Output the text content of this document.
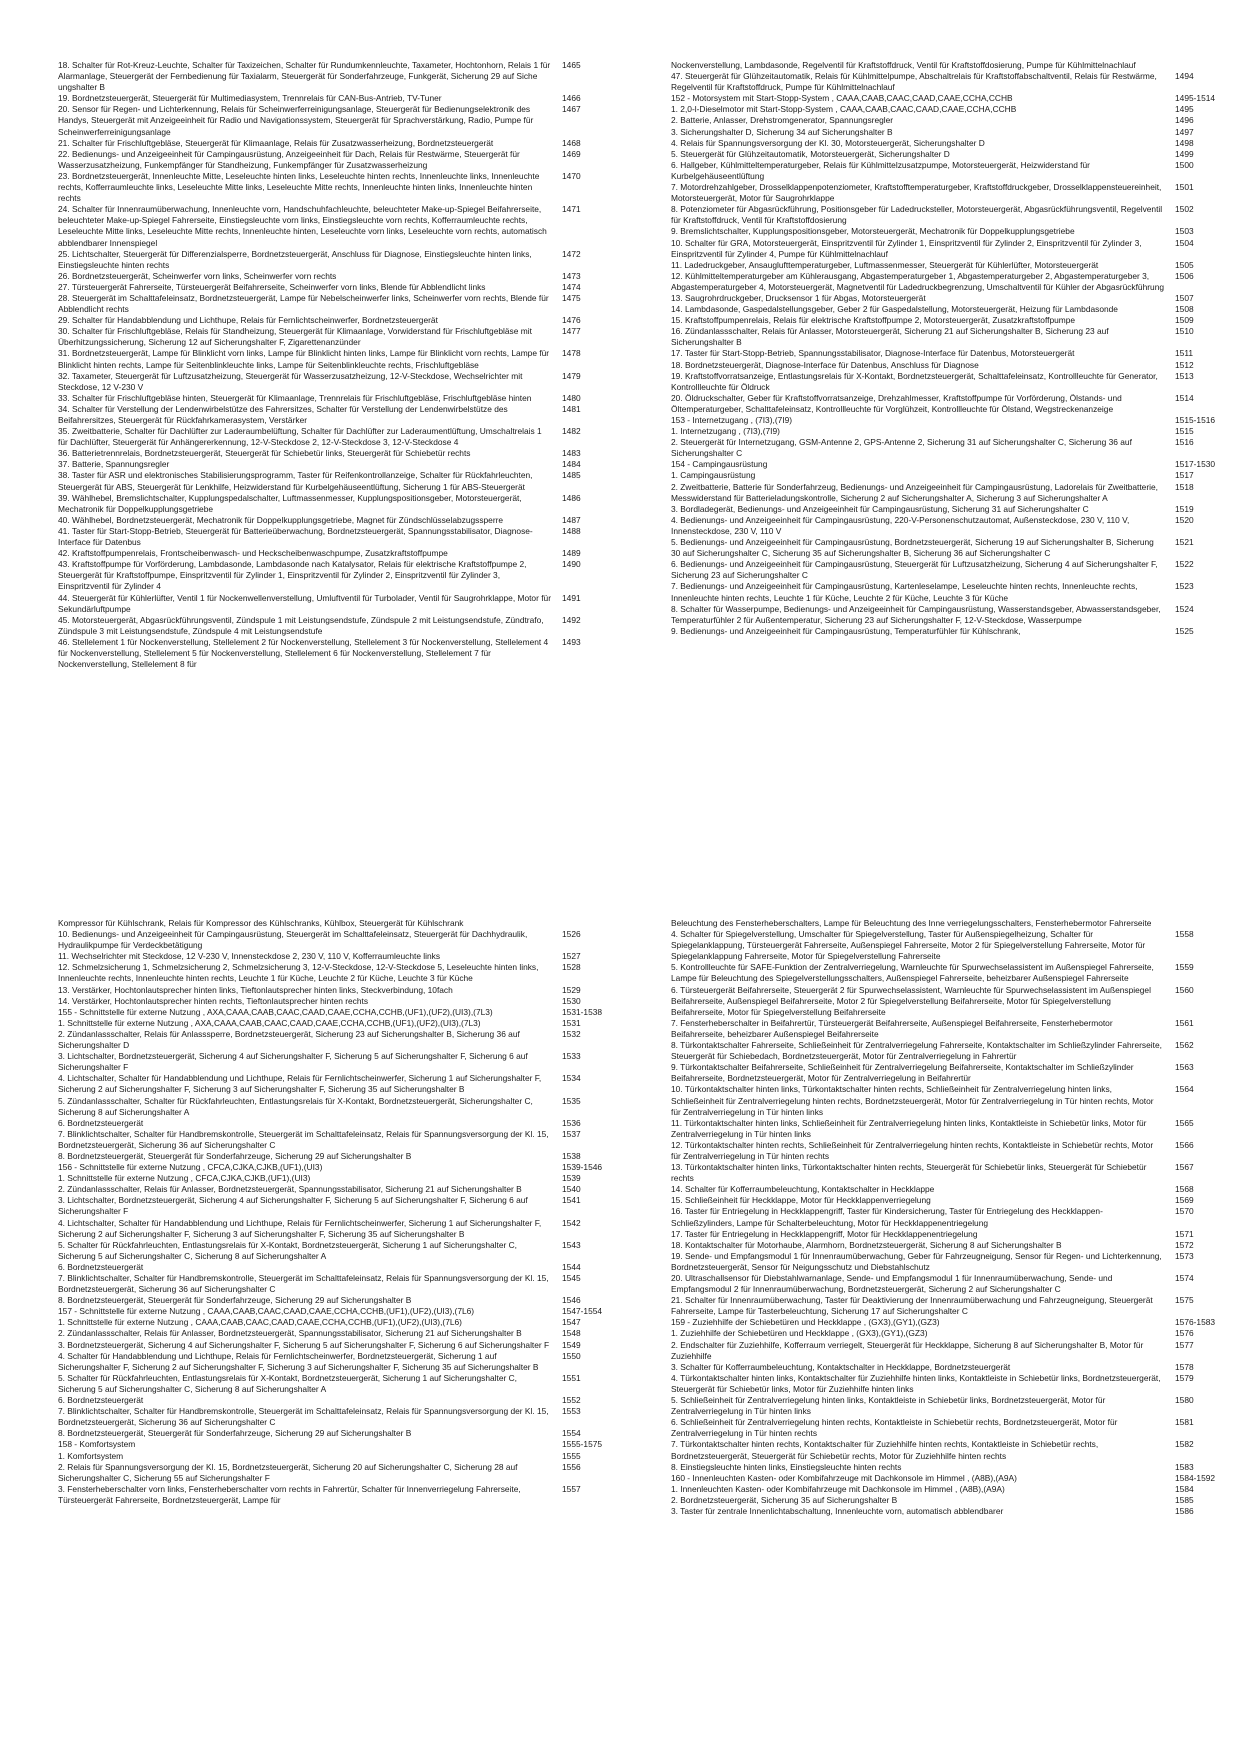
18. Schalter für Rot-Kreuz-Leuchte, Schalter für Taxizeichen, Schalter für Rundumkennleuchte, Taxameter, Hochtonhorn, Relais 1 für Alarmanlage, Steuergerät der Fernbedienung für Taxialarm, Steuergerät für Sonderfahrzeuge, Funkgerät, Sicherung 29 auf Siche ungshalter B
1465
19. Bordnetzsteuergerät, Steuergerät für Multimediasystem, Trennrelais für CAN-Bus-Antrieb, TV-Tuner	1466
20. Sensor für Regen- und Lichterkennung, Relais für Scheinwerferreinigungsanlage, Steuergerät für Bedienungselektronik des Handys, Steuergerät mit Anzeigeeinheit für Radio und Navigationssystem, Steuergerät für Sprachverstärkung, Radio, Pumpe für Scheinwerferreinigungsanlage
1467
21. Schalter für Frischluftgebläse, Steuergerät für Klimaanlage, Relais für Zusatzwasserheizung, Bordnetzsteuergerät	1468
22. Bedienungs- und Anzeigeeinheit für Campingausrüstung, Anzeigeeinheit für Dach, Relais für Restwärme, Steuergerät für Wasserzusatzheizung, Funkempfänger für Standheizung, Funkempfänger für Zusatzwasserheizung
1469
23. Bordnetzsteuergerät, Innenleuchte Mitte, Leseleuchte hinten links, Leseleuchte hinten rechts, Innenleuchte links, Innenleuchte rechts, Kofferraumleuchte links, Leseleuchte Mitte links, Leseleuchte Mitte rechts, Innenleuchte hinten links, Innenleuchte hinten rechts
1470
24. Schalter für Innenraumüberwachung, Innenleuchte vorn, Handschuhfachleuchte, beleuchteter Make-up-Spiegel Beifahrerseite, beleuchteter Make-up-Spiegel Fahrerseite, Einstiegsleuchte vorn links, Einstiegsleuchte vorn rechts, Kofferraumleuchte rechts, Leseleuchte Mitte links, Leseleuchte Mitte rechts, Innenleuchte hinten, Leseleuchte vorn links, Leseleuchte vorn rechts, automatisch abblendbarer Innenspiegel
1471
25. Lichtschalter, Steuergerät für Differenzialsperre, Bordnetzsteuergerät, Anschluss für Diagnose, Einstiegsleuchte hinten links, Einstiegsleuchte hinten rechts
1472
26. Bordnetzsteuergerät, Scheinwerfer vorn links, Scheinwerfer vorn rechts	1473
27. Türsteuergerät Fahrerseite, Türsteuergerät Beifahrerseite, Scheinwerfer vorn links, Blende für Abblendlicht links	1474
28. Steuergerät im Schalttafeleinsatz, Bordnetzsteuergerät, Lampe für Nebelscheinwerfer links, Scheinwerfer vorn rechts, Blende für Abblendlicht rechts
1475
29. Schalter für Handabblendung und Lichthupe, Relais für Fernlichtscheinwerfer, Bordnetzsteuergerät	1476
30. Schalter für Frischluftgebläse, Relais für Standheizung, Steuergerät für Klimaanlage, Vorwiderstand für Frischluftgebläse mit Überhitzungssicherung, Sicherung 12 auf Sicherungshalter F, Zigarettenanzünder
1477
31. Bordnetzsteuergerät, Lampe für Blinklicht vorn links, Lampe für Blinklicht hinten links, Lampe für Blinklicht vorn rechts, Lampe für Blinklicht hinten rechts, Lampe für Seitenblinkleuchte links, Lampe für Seitenblinkleuchte rechts, Frischluftgebläse
1478
32. Taxameter, Steuergerät für Luftzusatzheizung, Steuergerät für Wasserzusatzheizung, 12-V-Steckdose, Wechselrichter mit Steckdose, 12 V-230 V
1479
33. Schalter für Frischluftgebläse hinten, Steuergerät für Klimaanlage, Trennrelais für Frischluftgebläse, Frischluftgebläse hinten	1480
34. Schalter für Verstellung der Lendenwirbelstütze des Fahrersitzes, Schalter für Verstellung der Lendenwirbelstütze des Beifahrersitzes, Steuergerät für Rückfahrkamerasystem, Verstärker
1481
35. Zweitbatterie, Schalter für Dachlüfter zur Laderaumbelüftung, Schalter für Dachlüfter zur Laderaumentlüftung, Umschaltrelais 1 für Dachlüfter, Steuergerät für Anhängererkennung, 12-V-Steckdose 2, 12-V-Steckdose 3, 12-V-Steckdose 4
1482
36. Batterietrennrelais, Bordnetzsteuergerät, Steuergerät für Schiebetür links, Steuergerät für Schiebetür rechts	1483
37. Batterie, Spannungsregler	1484
38. Taster für ASR und elektronisches Stabilisierungsprogramm, Taster für Reifenkontrollanzeige, Schalter für Rückfahrleuchten, Steuergerät für ABS, Steuergerät für Lenkhilfe, Heizwiderstand für Kurbelgehäuseentlüftung, Sicherung 1 für ABS-Steuergerät
1485
39. Wählhebel, Bremslichtschalter, Kupplungspedalschalter, Luftmassenmesser, Kupplungspositionsgeber, Motorsteuergerät, Mechatronik für Doppelkupplungsgetriebe
1486
40. Wählhebel, Bordnetzsteuergerät, Mechatronik für Doppelkupplungsgetriebe, Magnet für Zündschlüsselabzugssperre	1487
41. Taster für Start-Stopp-Betrieb, Steuergerät für Batterieüberwachung, Bordnetzsteuergerät, Spannungsstabilisator, Diagnose-Interface für Datenbus
1488
42. Kraftstoffpumpenrelais, Frontscheibenwasch- und Heckscheibenwaschpumpe, Zusatzkraftstoffpumpe	1489
43. Kraftstoffpumpe für Vorförderung, Lambdasonde, Lambdasonde nach Katalysator, Relais für elektrische Kraftstoffpumpe 2, Steuergerät für Kraftstoffpumpe, Einspritzventil für Zylinder 1, Einspritzventil für Zylinder 2, Einspritzventil für Zylinder 3, Einspritzventil für Zylinder 4
1490
44. Steuergerät für Kühlerlüfter, Ventil 1 für Nockenwellenverstellung, Umluftventil für Turbolader, Ventil für Saugrohrklappe, Motor für Sekundärluftpumpe
1491
45. Motorsteuergerät, Abgasrückführungsventil, Zündspule 1 mit Leistungsendstufe, Zündspule 2 mit Leistungsendstufe, Zündtrafo, Zündspule 3 mit Leistungsendstufe, Zündspule 4 mit Leistungsendstufe
1492
46. Stellelement 1 für Nockenverstellung, Stellelement 2 für Nockenverstellung, Stellelement 3 für Nockenverstellung, Stellelement 4 für Nockenverstellung, Stellelement 5 für Nockenverstellung, Stellelement 6 für Nockenverstellung, Stellelement 7 für Nockenverstellung, Stellelement 8 für
1493
Nockenverstellung, Lambdasonde, Regelventil für Kraftstoffdruck, Ventil für Kraftstoffdosierung, Pumpe für Kühlmittelnachlauf
47. Steuergerät für Glühzeitautomatik, Relais für Kühlmittelpumpe, Abschaltrelais für Kraftstoffabschaltventil, Relais für Restwärme, Regelventil für Kraftstoffdruck, Pumpe für Kühlmittelnachlauf
1494
152 - Motorsystem mit Start-Stopp-System , CAAA,CAAB,CAAC,CAAD,CAAE,CCHA,CCHB	1495-1514
1. 2,0-l-Dieselmotor mit Start-Stopp-System , CAAA,CAAB,CAAC,CAAD,CAAE,CCHA,CCHB	1495
2. Batterie, Anlasser, Drehstromgenerator, Spannungsregler	1496
3. Sicherungshalter D, Sicherung 34 auf Sicherungshalter B	1497
4. Relais für Spannungsversorgung der Kl. 30, Motorsteuergerät, Sicherungshalter D	1498
5. Steuergerät für Glühzeitautomatik, Motorsteuergerät, Sicherungshalter D	1499
6. Hallgeber, Kühlmitteltemperaturgeber, Relais für Kühlmittelzusatzpumpe, Motorsteuergerät, Heizwiderstand für Kurbelgehäuseentlüftung
1500
7. Motordrehzahlgeber, Drosselklappenpotenziometer, Kraftstofftemperaturgeber, Kraftstoffdruckgeber, Drosselklappensteuereinheit, Motorsteuergerät, Motor für Saugrohrklappe
1501
8. Potenziometer für Abgasrückführung, Positionsgeber für Ladedrucksteller, Motorsteuergerät, Abgasrückführungsventil, Regelventil für Kraftstoffdruck, Ventil für Kraftstoffdosierung
1502
9. Bremslichtschalter, Kupplungspositionsgeber, Motorsteuergerät, Mechatronik für Doppelkupplungsgetriebe	1503
10. Schalter für GRA, Motorsteuergerät, Einspritzventil für Zylinder 1, Einspritzventil für Zylinder 2, Einspritzventil für Zylinder 3, Einspritzventil für Zylinder 4, Pumpe für Kühlmittelnachlauf
1504
11. Ladedruckgeber, Ansauglufttemperaturgeber, Luftmassenmesser, Steuergerät für Kühlerlüfter, Motorsteuergerät	1505
12. Kühlmitteltemperaturgeber am Kühlerausgang, Abgastemperaturgeber 1, Abgastemperaturgeber 2, Abgastemperaturgeber 3, Abgastemperaturgeber 4, Motorsteuergerät, Magnetventil für Ladedruckbegrenzung, Umschaltventil für Kühler der Abgasrückführung
1506
13. Saugrohrdruckgeber, Drucksensor 1 für Abgas, Motorsteuergerät	1507
14. Lambdasonde, Gaspedalstellungsgeber, Geber 2 für Gaspedalstellung, Motorsteuergerät, Heizung für Lambdasonde	1508
15. Kraftstoffpumpenrelais, Relais für elektrische Kraftstoffpumpe 2, Motorsteuergerät, Zusatzkraftstoffpumpe	1509
16. Zündanlassschalter, Relais für Anlasser, Motorsteuergerät, Sicherung 21 auf Sicherungshalter B, Sicherung 23 auf Sicherungshalter B
1510
17. Taster für Start-Stopp-Betrieb, Spannungsstabilisator, Diagnose-Interface für Datenbus, Motorsteuergerät	1511
18. Bordnetzsteuergerät, Diagnose-Interface für Datenbus, Anschluss für Diagnose	1512
19. Kraftstoffvorratsanzeige, Entlastungsrelais für X-Kontakt, Bordnetzsteuergerät, Schalttafeleinsatz, Kontrollleuchte für Generator, Kontrollleuchte für Öldruck
1513
20. Öldruckschalter, Geber für Kraftstoffvorratsanzeige, Drehzahlmesser, Kraftstoffpumpe für Vorförderung, Ölstands- und Öltemperaturgeber, Schalttafeleinsatz, Kontrollleuchte für Vorglühzeit, Kontrollleuchte für Ölstand, Wegstreckenanzeige
1514
153 - Internetzugang , (7I3),(7I9)	1515-1516
1. Internetzugang , (7I3),(7I9)	1515
2. Steuergerät für Internetzugang, GSM-Antenne 2, GPS-Antenne 2, Sicherung 31 auf Sicherungshalter C, Sicherung 36 auf Sicherungshalter C
1516
154 - Campingausrüstung	1517-1530
1. Campingausrüstung	1517
2. Zweitbatterie, Batterie für Sonderfahrzeug, Bedienungs- und Anzeigeeinheit für Campingausrüstung, Ladorelais für Zweitbatterie, Messwiderstand für Batterieladungskontrolle, Sicherung 2 auf Sicherungshalter A, Sicherung 3 auf Sicherungshalter A
1518
3. Bordladegerät, Bedienungs- und Anzeigeeinheit für Campingausrüstung, Sicherung 31 auf Sicherungshalter C	1519
4. Bedienungs- und Anzeigeeinheit für Campingausrüstung, 220-V-Personenschutzautomat, Außensteckdose, 230 V, 110 V, Innensteckdose, 230 V, 110 V
1520
5. Bedienungs- und Anzeigeeinheit für Campingausrüstung, Bordnetzsteuergerät, Sicherung 19 auf Sicherungshalter B, Sicherung 30 auf Sicherungshalter C, Sicherung 35 auf Sicherungshalter B, Sicherung 36 auf Sicherungshalter C
1521
6. Bedienungs- und Anzeigeeinheit für Campingausrüstung, Steuergerät für Luftzusatzheizung, Sicherung 4 auf Sicherungshalter F, Sicherung 23 auf Sicherungshalter C
1522
7. Bedienungs- und Anzeigeeinheit für Campingausrüstung, Kartenleselampe, Leseleuchte hinten rechts, Innenleuchte rechts, Innenleuchte hinten rechts, Leuchte 1 für Küche, Leuchte 2 für Küche, Leuchte 3 für Küche
1523
8. Schalter für Wasserpumpe, Bedienungs- und Anzeigeeinheit für Campingausrüstung, Wasserstandsgeber, Abwasserstandsgeber, Temperaturfühler 2 für Außentemperatur, Sicherung 23 auf Sicherungshalter F, 12-V-Steckdose, Wasserpumpe
1524
9. Bedienungs- und Anzeigeeinheit für Campingausrüstung, Temperaturfühler für Kühlschrank,	1525
Kompressor für Kühlschrank, Relais für Kompressor des Kühlschranks, Kühlbox, Steuergerät für Kühlschrank
10. Bedienungs- und Anzeigeeinheit für Campingausrüstung, Steuergerät im Schalttafeleinsatz, Steuergerät für Dachhydraulik, Hydraulikpumpe für Verdeckbetätigung
1526
11. Wechselrichter mit Steckdose, 12 V-230 V, Innensteckdose 2, 230 V, 110 V, Kofferraumleuchte links	1527
12. Schmelzsicherung 1, Schmelzsicherung 2, Schmelzsicherung 3, 12-V-Steckdose, 12-V-Steckdose 5, Leseleuchte hinten links, Innenleuchte rechts, Innenleuchte hinten rechts, Leuchte 1 für Küche, Leuchte 2 für Küche, Leuchte 3 für Küche
1528
13. Verstärker, Hochtonlautsprecher hinten links, Tieftonlautsprecher hinten links, Steckverbindung, 10fach	1529
14. Verstärker, Hochtonlautsprecher hinten rechts, Tieftonlautsprecher hinten rechts	1530
155 - Schnittstelle für externe Nutzung , AXA,CAAA,CAAB,CAAC,CAAD,CAAE,CCHA,CCHB,(UF1),(UF2),(UI3),(7L3)	1531-1538
1. Schnittstelle für externe Nutzung , AXA,CAAA,CAAB,CAAC,CAAD,CAAE,CCHA,CCHB,(UF1),(UF2),(UI3),(7L3)	1531
2. Zündanlassschalter, Relais für Anlasssperre, Bordnetzsteuergerät, Sicherung 23 auf Sicherungshalter B, Sicherung 36 auf Sicherungshalter D
1532
3. Lichtschalter, Bordnetzsteuergerät, Sicherung 4 auf Sicherungshalter F, Sicherung 5 auf Sicherungshalter F, Sicherung 6 auf Sicherungshalter F
1533
4. Lichtschalter, Schalter für Handabblendung und Lichthupe, Relais für Fernlichtscheinwerfer, Sicherung 1 auf Sicherungshalter F, Sicherung 2 auf Sicherungshalter F, Sicherung 3 auf Sicherungshalter F, Sicherung 35 auf Sicherungshalter B
1534
5. Zündanlassschalter, Schalter für Rückfahrleuchten, Entlastungsrelais für X-Kontakt, Bordnetzsteuergerät, Sicherungshalter C, Sicherung 8 auf Sicherungshalter A
1535
6. Bordnetzsteuergerät	1536
7. Blinklichtschalter, Schalter für Handbremskontrolle, Steuergerät im Schalttafeleinsatz, Relais für Spannungsversorgung der Kl. 15, Bordnetzsteuergerät, Sicherung 36 auf Sicherungshalter C
1537
8. Bordnetzsteuergerät, Steuergerät für Sonderfahrzeuge, Sicherung 29 auf Sicherungshalter B	1538
156 - Schnittstelle für externe Nutzung , CFCA,CJKA,CJKB,(UF1),(UI3)	1539-1546
1. Schnittstelle für externe Nutzung , CFCA,CJKA,CJKB,(UF1),(UI3)	1539
2. Zündanlassschalter, Relais für Anlasser, Bordnetzsteuergerät, Spannungsstabilisator, Sicherung 21 auf Sicherungshalter B	1540
3. Lichtschalter, Bordnetzsteuergerät, Sicherung 4 auf Sicherungshalter F, Sicherung 5 auf Sicherungshalter F, Sicherung 6 auf Sicherungshalter F
1541
4. Lichtschalter, Schalter für Handabblendung und Lichthupe, Relais für Fernlichtscheinwerfer, Sicherung 1 auf Sicherungshalter F, Sicherung 2 auf Sicherungshalter F, Sicherung 3 auf Sicherungshalter F, Sicherung 35 auf Sicherungshalter B
1542
5. Schalter für Rückfahrleuchten, Entlastungsrelais für X-Kontakt, Bordnetzsteuergerät, Sicherung 1 auf Sicherungshalter C, Sicherung 5 auf Sicherungshalter C, Sicherung 8 auf Sicherungshalter A
1543
6. Bordnetzsteuergerät	1544
7. Blinklichtschalter, Schalter für Handbremskontrolle, Steuergerät im Schalttafeleinsatz, Relais für Spannungsversorgung der Kl. 15, Bordnetzsteuergerät, Sicherung 36 auf Sicherungshalter C
1545
8. Bordnetzsteuergerät, Steuergerät für Sonderfahrzeuge, Sicherung 29 auf Sicherungshalter B	1546
157 - Schnittstelle für externe Nutzung , CAAA,CAAB,CAAC,CAAD,CAAE,CCHA,CCHB,(UF1),(UF2),(UI3),(7L6)	1547-1554
1. Schnittstelle für externe Nutzung , CAAA,CAAB,CAAC,CAAD,CAAE,CCHA,CCHB,(UF1),(UF2),(UI3),(7L6)	1547
2. Zündanlassschalter, Relais für Anlasser, Bordnetzsteuergerät, Spannungsstabilisator, Sicherung 21 auf Sicherungshalter B	1548
3. Bordnetzsteuergerät, Sicherung 4 auf Sicherungshalter F, Sicherung 5 auf Sicherungshalter F, Sicherung 6 auf Sicherungshalter F	1549
4. Schalter für Handabblendung und Lichthupe, Relais für Fernlichtscheinwerfer, Bordnetzsteuergerät, Sicherung 1 auf Sicherungshalter F, Sicherung 2 auf Sicherungshalter F, Sicherung 3 auf Sicherungshalter F, Sicherung 35 auf Sicherungshalter B
1550
5. Schalter für Rückfahrleuchten, Entlastungsrelais für X-Kontakt, Bordnetzsteuergerät, Sicherung 1 auf Sicherungshalter C, Sicherung 5 auf Sicherungshalter C, Sicherung 8 auf Sicherungshalter A
1551
6. Bordnetzsteuergerät	1552
7. Blinklichtschalter, Schalter für Handbremskontrolle, Steuergerät im Schalttafeleinsatz, Relais für Spannungsversorgung der Kl. 15, Bordnetzsteuergerät, Sicherung 36 auf Sicherungshalter C
1553
8. Bordnetzsteuergerät, Steuergerät für Sonderfahrzeuge, Sicherung 29 auf Sicherungshalter B	1554
158 - Komfortsystem	1555-1575
1. Komfortsystem	1555
2. Relais für Spannungsversorgung der Kl. 15, Bordnetzsteuergerät, Sicherung 20 auf Sicherungshalter C, Sicherung 28 auf Sicherungshalter C, Sicherung 55 auf Sicherungshalter F
1556
3. Fensterheberschalter vorn links, Fensterheberschalter vorn rechts in Fahrertür, Schalter für Innenverriegelung Fahrerseite, Türsteuergerät Fahrerseite, Bordnetzsteuergerät, Lampe für
1557
Beleuchtung des Fensterheberschalters, Lampe für Beleuchtung des Inne verriegelungsschalters, Fensterhebermotor Fahrerseite
4. Schalter für Spiegelverstellung, Umschalter für Spiegelverstellung, Taster für Außenspiegelheizung, Schalter für Spiegelanklappung, Türsteuergerät Fahrerseite, Außenspiegel Fahrerseite, Motor 2 für Spiegelverstellung Fahrerseite, Motor für Spiegelanklappung Fahrerseite, Motor für Spiegelverstellung Fahrerseite
1558
5. Kontrollleuchte für SAFE-Funktion der Zentralverriegelung, Warnleuchte für Spurwechselassistent im Außenspiegel Fahrerseite, Lampe für Beleuchtung des Spiegelverstellungsschalters, Außenspiegel Fahrerseite, beheizbarer Außenspiegel Fahrerseite
1559
6. Türsteuergerät Beifahrerseite, Steuergerät 2 für Spurwechselassistent, Warnleuchte für Spurwechselassistent im Außenspiegel Beifahrerseite, Außenspiegel Beifahrerseite, Motor 2 für Spiegelverstellung Beifahrerseite, Motor für Spiegelverstellung Beifahrerseite, Motor für Spiegelverstellung Beifahrerseite
1560
7. Fensterheberschalter in Beifahrertür, Türsteuergerät Beifahrerseite, Außenspiegel Beifahrerseite, Fensterhebermotor Beifahrerseite, beheizbarer Außenspiegel Beifahrerseite
1561
8. Türkontaktschalter Fahrerseite, Schließeinheit für Zentralverriegelung Fahrerseite, Kontaktschalter im Schließzylinder Fahrerseite, Steuergerät für Schiebedach, Bordnetzsteuergerät, Motor für Zentralverriegelung in Fahrertür
1562
9. Türkontaktschalter Beifahrerseite, Schließeinheit für Zentralverriegelung Beifahrerseite, Kontaktschalter im Schließzylinder Beifahrerseite, Bordnetzsteuergerät, Motor für Zentralverriegelung in Beifahrertür
1563
10. Türkontaktschalter hinten links, Türkontaktschalter hinten rechts, Schließeinheit für Zentralverriegelung hinten links, Schließeinheit für Zentralverriegelung hinten rechts, Bordnetzsteuergerät, Motor für Zentralverriegelung in Tür hinten rechts, Motor für Zentralverriegelung in Tür hinten links
1564
11. Türkontaktschalter hinten links, Schließeinheit für Zentralverriegelung hinten links, Kontaktleiste in Schiebetür links, Motor für Zentralverriegelung in Tür hinten links
1565
12. Türkontaktschalter hinten rechts, Schließeinheit für Zentralverriegelung hinten rechts, Kontaktleiste in Schiebetür rechts, Motor für Zentralverriegelung in Tür hinten rechts
1566
13. Türkontaktschalter hinten links, Türkontaktschalter hinten rechts, Steuergerät für Schiebetür links, Steuergerät für Schiebetür rechts
1567
14. Schalter für Kofferraumbeleuchtung, Kontaktschalter in Heckklappe	1568
15. Schließeinheit für Heckklappe, Motor für Heckklappenverriegelung	1569
16. Taster für Entriegelung in Heckklappengriff, Taster für Kindersicherung, Taster für Entriegelung des Heckklappen-Schließzylinders, Lampe für Schalterbeleuchtung, Motor für Heckklappenentriegelung
1570
17. Taster für Entriegelung in Heckklappengriff, Motor für Heckklappenentriegelung	1571
18. Kontaktschalter für Motorhaube, Alarmhorn, Bordnetzsteuergerät, Sicherung 8 auf Sicherungshalter B	1572
19. Sende- und Empfangsmodul 1 für Innenraumüberwachung, Geber für Fahrzeugneigung, Sensor für Regen- und Lichterkennung, Bordnetzsteuergerät, Sensor für Neigungsschutz und Diebstahlschutz
1573
20. Ultraschallsensor für Diebstahlwarnanlage, Sende- und Empfangsmodul 1 für Innenraumüberwachung, Sende- und Empfangsmodul 2 für Innenraumüberwachung, Bordnetzsteuergerät, Sicherung 2 auf Sicherungshalter C
1574
21. Schalter für Innenraumüberwachung, Taster für Deaktivierung der Innenraumüberwachung und Fahrzeugneigung, Steuergerät Fahrerseite, Lampe für Tasterbeleuchtung, Sicherung 17 auf Sicherungshalter C
1575
159 - Zuziehhilfe der Schiebetüren und Heckklappe , (GX3),(GY1),(GZ3)	1576-1583
1. Zuziehhilfe der Schiebetüren und Heckklappe , (GX3),(GY1),(GZ3)	1576
2. Endschalter für Zuziehhilfe, Kofferraum verriegelt, Steuergerät für Heckklappe, Sicherung 8 auf Sicherungshalter B, Motor für Zuziehhilfe
1577
3. Schalter für Kofferraumbeleuchtung, Kontaktschalter in Heckklappe, Bordnetzsteuergerät	1578
4. Türkontaktschalter hinten links, Kontaktschalter für Zuziehhilfe hinten links, Kontaktleiste in Schiebetür links, Bordnetzsteuergerät, Steuergerät für Schiebetür links, Motor für Zuziehhilfe hinten links
1579
5. Schließeinheit für Zentralverriegelung hinten links, Kontaktleiste in Schiebetür links, Bordnetzsteuergerät, Motor für Zentralverriegelung in Tür hinten links
1580
6. Schließeinheit für Zentralverriegelung hinten rechts, Kontaktleiste in Schiebetür rechts, Bordnetzsteuergerät, Motor für Zentralverriegelung in Tür hinten rechts
1581
7. Türkontaktschalter hinten rechts, Kontaktschalter für Zuziehhilfe hinten rechts, Kontaktleiste in Schiebetür rechts, Bordnetzsteuergerät, Steuergerät für Schiebetür rechts, Motor für Zuziehhilfe hinten rechts
1582
8. Einstiegsleuchte hinten links, Einstiegsleuchte hinten rechts	1583
160 - Innenleuchten Kasten- oder Kombifahrzeuge mit Dachkonsole im Himmel , (A8B),(A9A)	1584-1592
1. Innenleuchten Kasten- oder Kombifahrzeuge mit Dachkonsole im Himmel , (A8B),(A9A)	1584
2. Bordnetzsteuergerät, Sicherung 35 auf Sicherungshalter B	1585
3. Taster für zentrale Innenlichtabschaltung, Innenleuchte vorn, automatisch abblendbarer	1586
